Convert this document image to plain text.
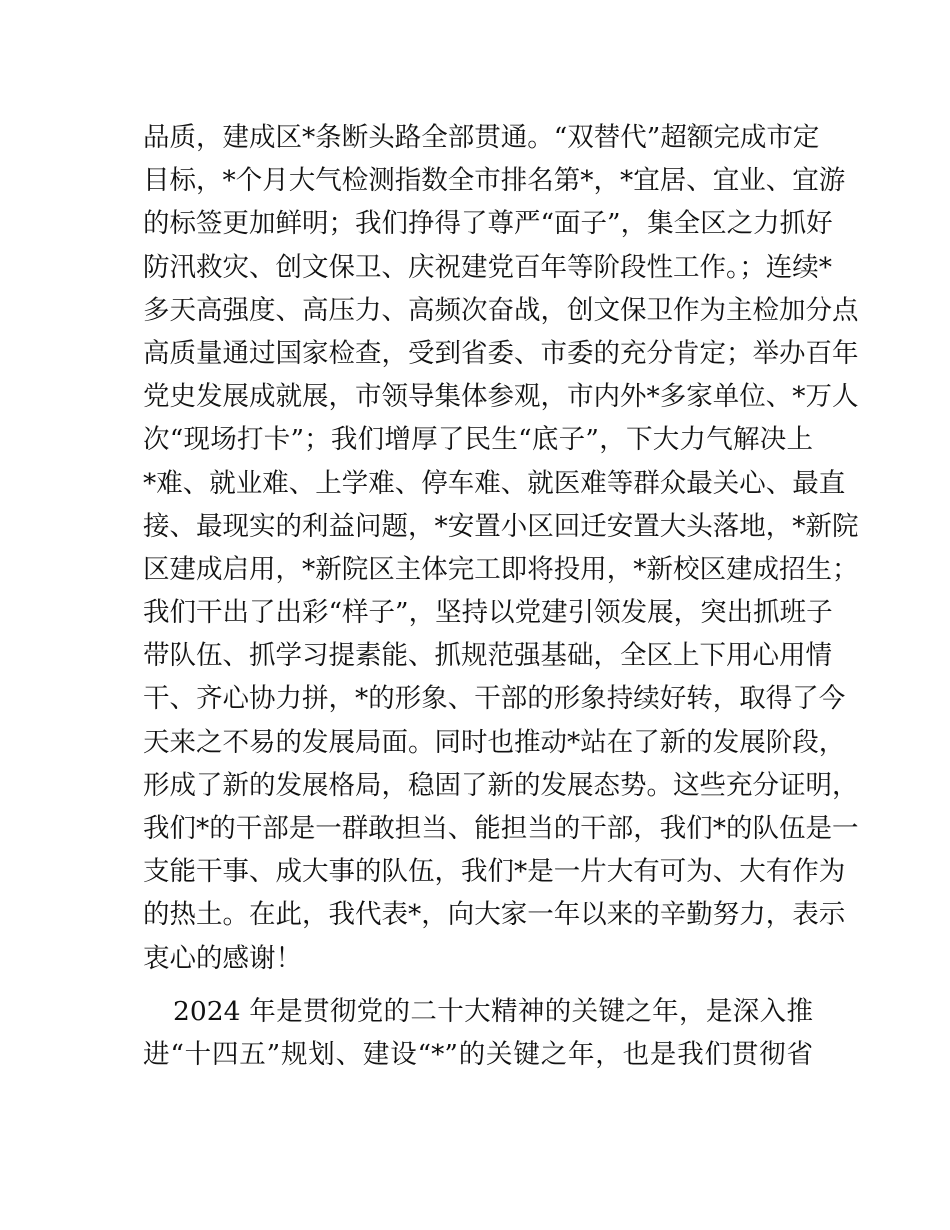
品质，建成区*条断头路全部贯通。“双替代”超额完成市定
目标，*个月大气检测指数全市排名第*，*宜居、宜业、宜游
的标签更加鲜明；我们挣得了尊严“面子”，集全区之力抓好
防汛救灾、创文保卫、庆祝建党百年等阶段性工作。；连续*
多天高强度、高压力、高频次奋战，创文保卫作为主检加分点
高质量通过国家检查，受到省委、市委的充分肯定；举办百年
党史发展成就展，市领导集体参观，市内外*多家单位、*万人
次“现场打卡”；我们增厚了民生“底子”，下大力气解决上
*难、就业难、上学难、停车难、就医难等群众最关心、最直
接、最现实的利益问题，*安置小区回迁安置大头落地，*新院
区建成启用，*新院区主体完工即将投用，*新校区建成招生；
我们干出了出彩“样子”，坚持以党建引领发展，突出抓班子
带队伍、抓学习提素能、抓规范强基础，全区上下用心用情
干、齐心协力拼，*的形象、干部的形象持续好转，取得了今
天来之不易的发展局面。同时也推动*站在了新的发展阶段，
形成了新的发展格局，稳固了新的发展态势。这些充分证明，
我们*的干部是一群敢担当、能担当的干部，我们*的队伍是一
支能干事、成大事的队伍，我们*是一片大有可为、大有作为
的热土。在此，我代表*，向大家一年以来的辛勤努力，表示
衷心的感谢！
2024 年是贯彻党的二十大精神的关键之年，是深入推
进“十四五”规划、建设“*”的关键之年，也是我们贯彻省
